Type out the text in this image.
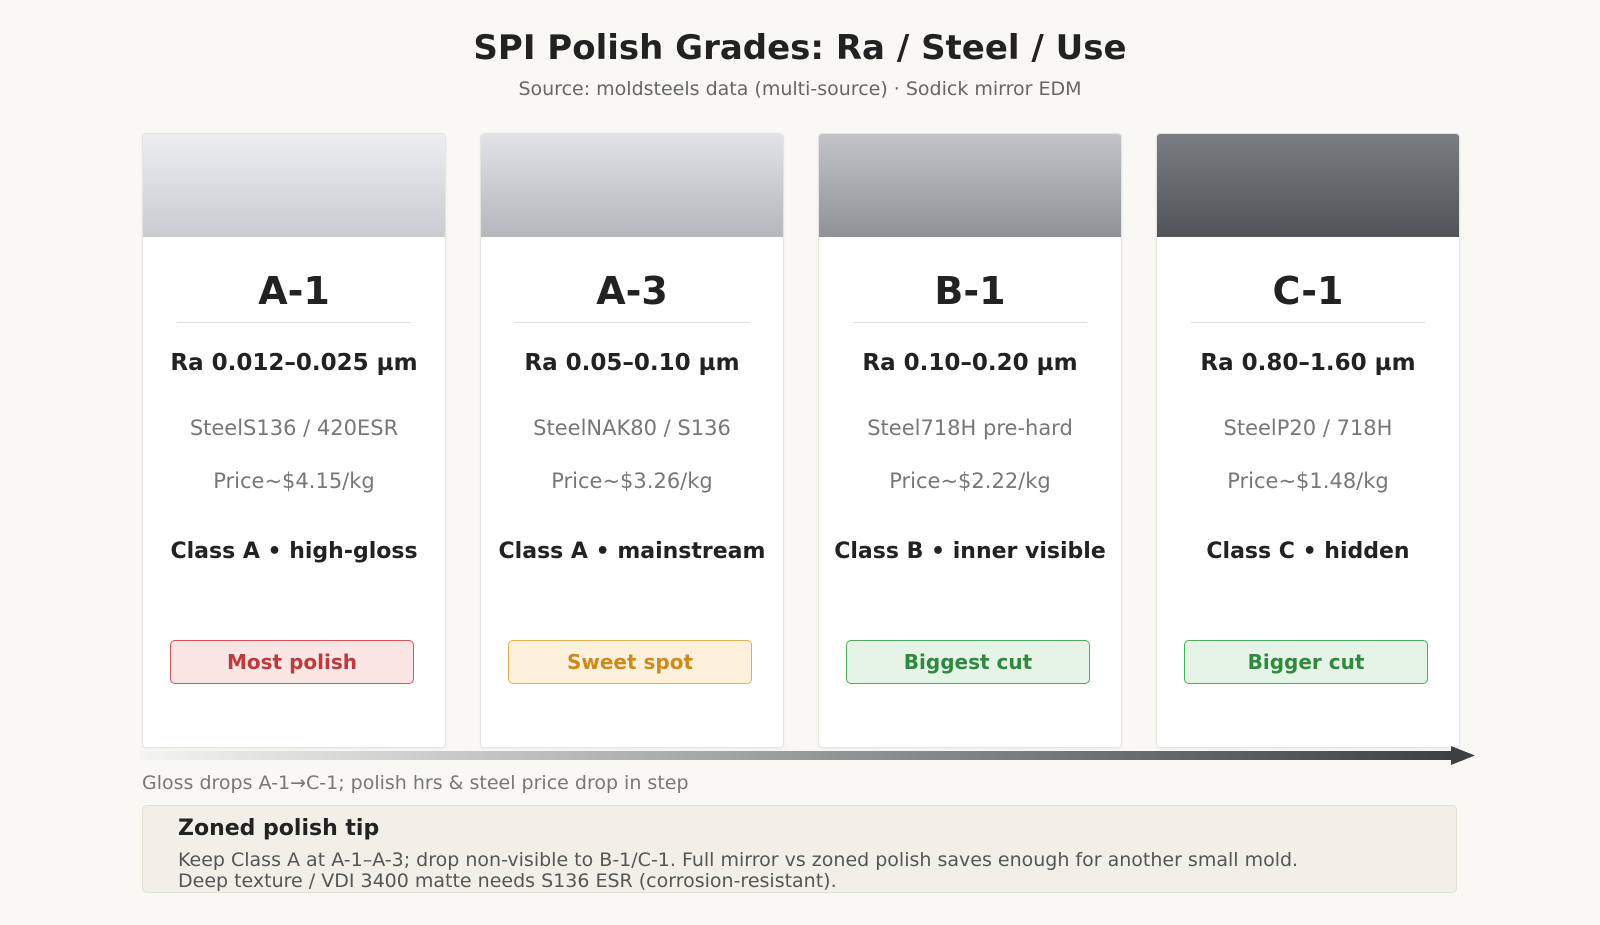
SPI Polish Grades: Ra / Steel / Use
Source: moldsteels data (multi-source) · Sodick mirror EDM
A-1
Ra 0.012–0.025 µm
SteelS136 / 420ESR
Price~$4.15/kg
Class A • high-gloss
Most polish
A-3
Ra 0.05–0.10 µm
SteelNAK80 / S136
Price~$3.26/kg
Class A • mainstream
Sweet spot
B-1
Ra 0.10–0.20 µm
Steel718H pre-hard
Price~$2.22/kg
Class B • inner visible
Biggest cut
C-1
Ra 0.80–1.60 µm
SteelP20 / 718H
Price~$1.48/kg
Class C • hidden
Bigger cut
Gloss drops A-1→C-1; polish hrs & steel price drop in step
Zoned polish tip
Keep Class A at A-1–A-3; drop non-visible to B-1/C-1. Full mirror vs zoned polish saves enough for another small mold.
Deep texture / VDI 3400 matte needs S136 ESR (corrosion-resistant).
